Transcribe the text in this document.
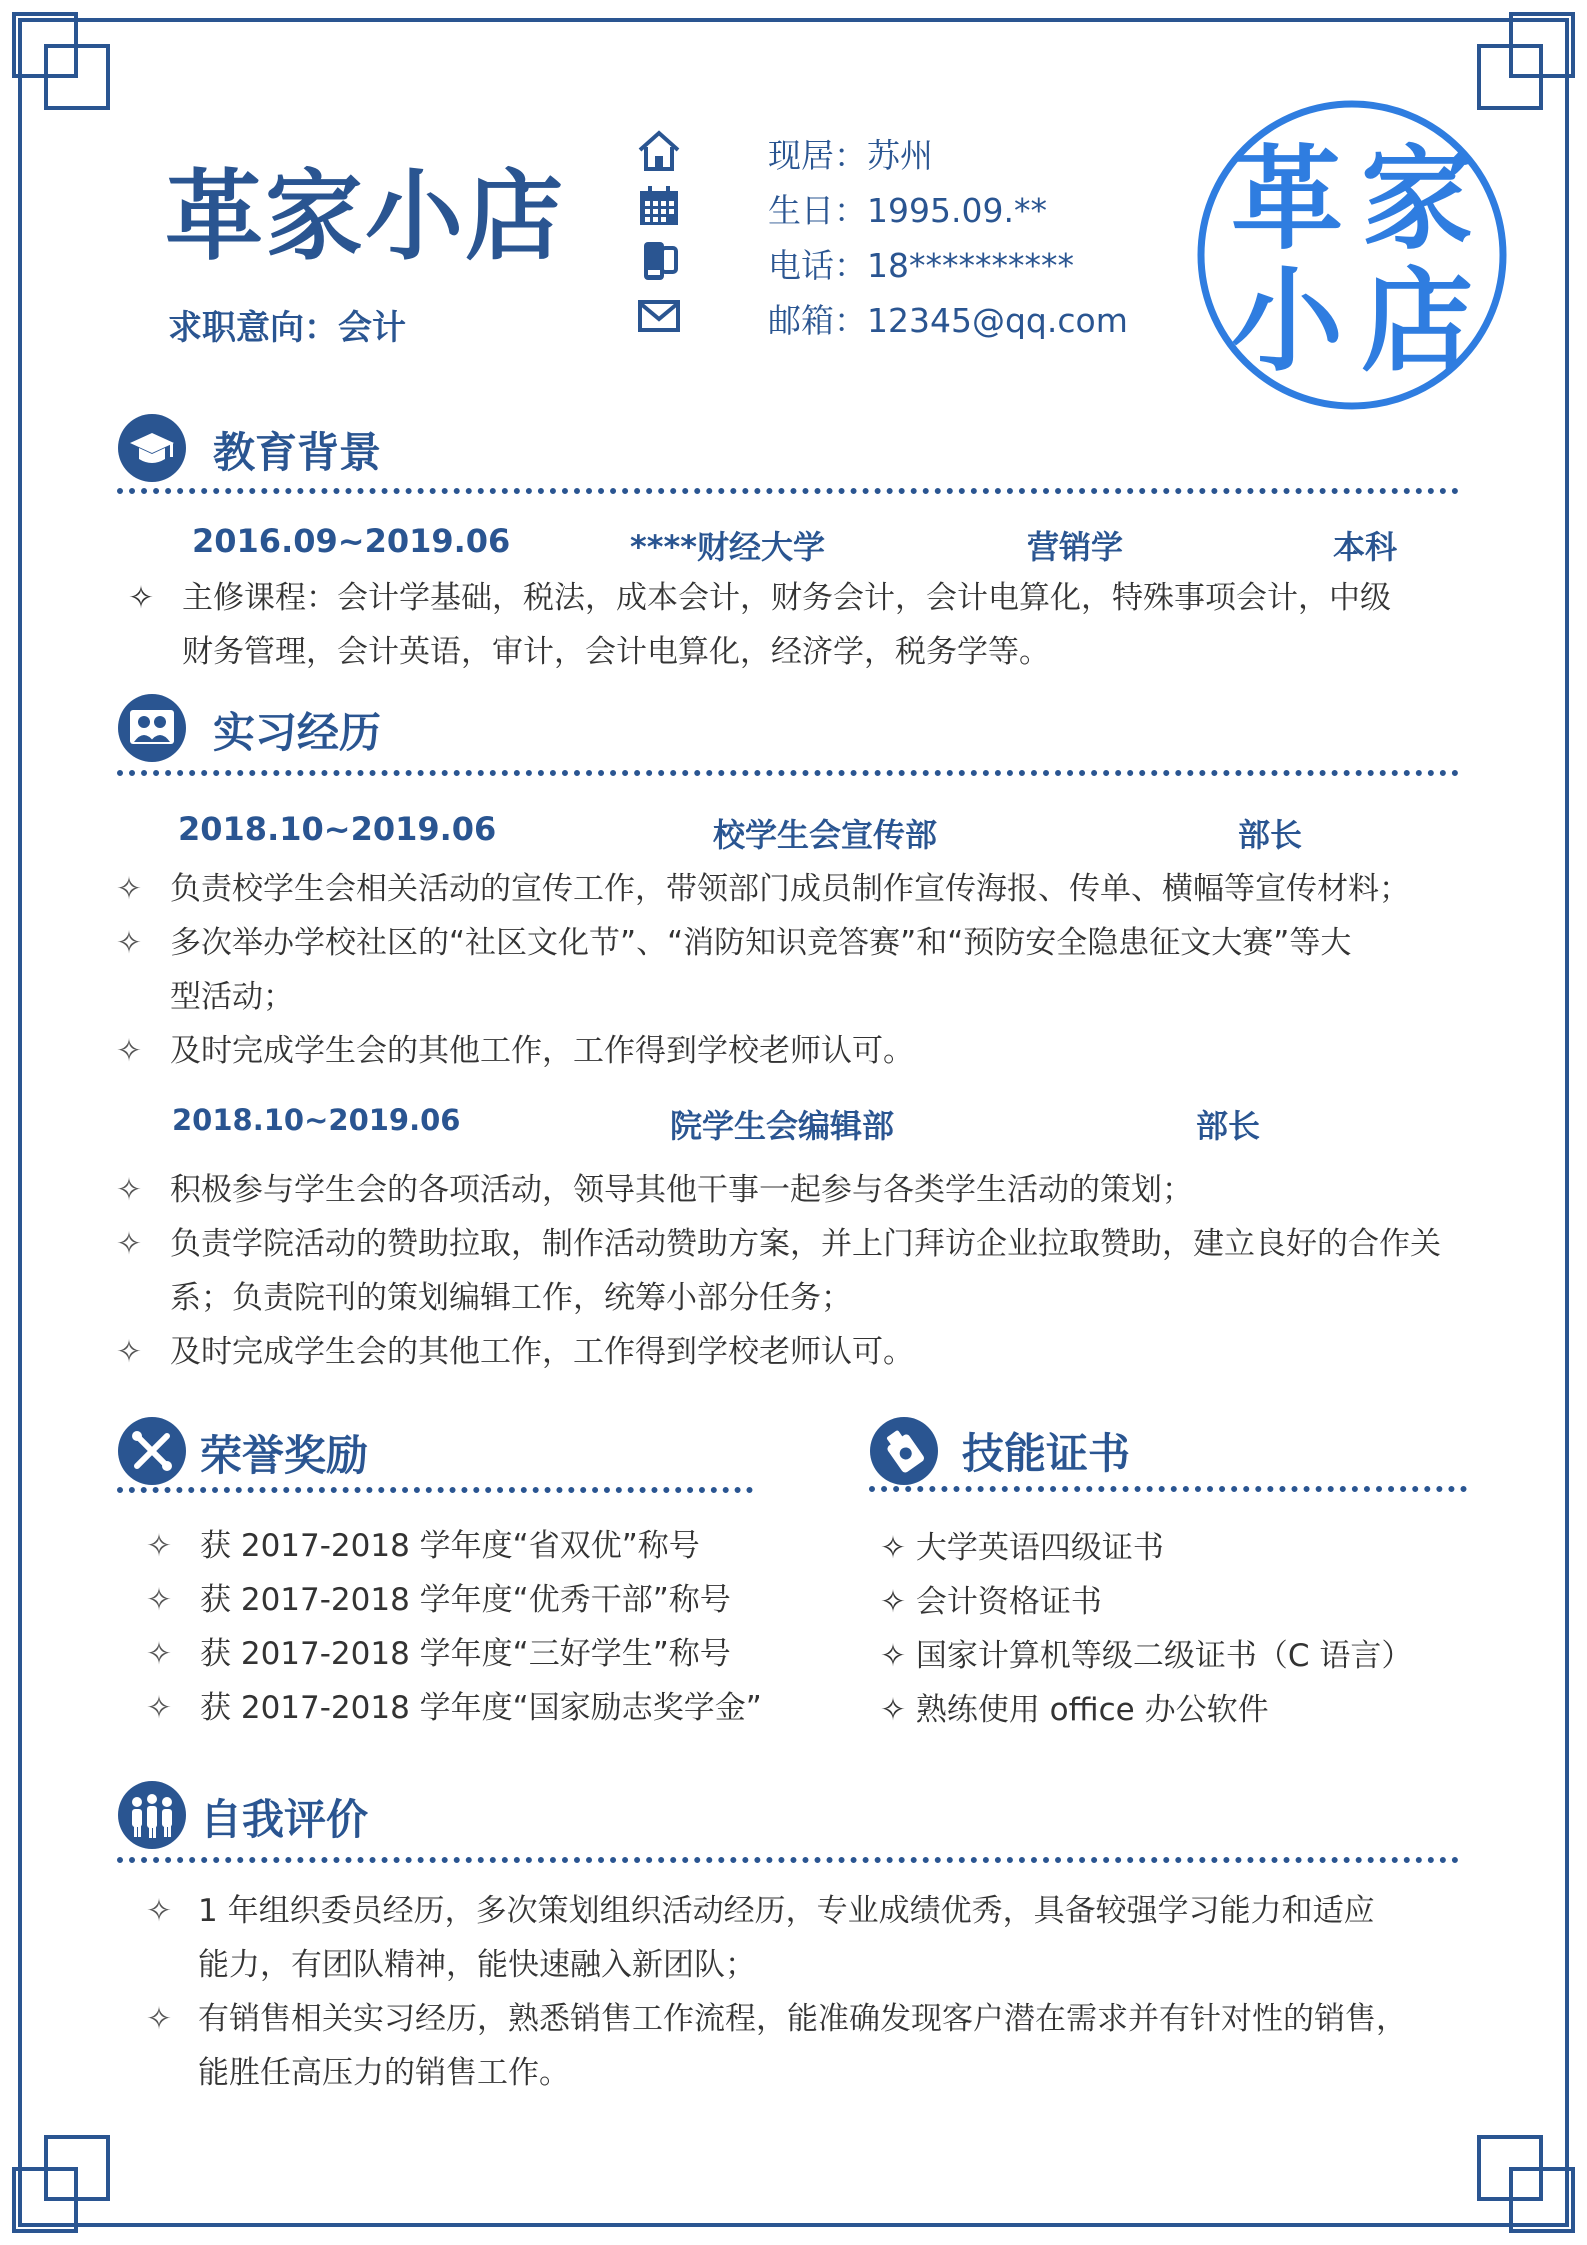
革家小店
求职意向：会计
现居：苏州
生日：1995.09.**
电话：18**********
邮箱：12345@qq.com
革 家
小 店
教育背景
2016.09~2019.06	****财经大学	营销学	本科
✧ 主修课程：会计学基础，税法，成本会计，财务会计，会计电算化，特殊事项会计，中级
财务管理，会计英语，审计，会计电算化，经济学，税务学等。
实习经历
2018.10~2019.06	校学生会宣传部	部长
✧ 负责校学生会相关活动的宣传工作，带领部门成员制作宣传海报、传单、横幅等宣传材料；
✧ 多次举办学校社区的“社区文化节”、“消防知识竞答赛”和“预防安全隐患征文大赛”等大
型活动；
✧ 及时完成学生会的其他工作，工作得到学校老师认可。
2018.10~2019.06	院学生会编辑部	部长
✧ 积极参与学生会的各项活动，领导其他干事一起参与各类学生活动的策划；
✧ 负责学院活动的赞助拉取，制作活动赞助方案，并上门拜访企业拉取赞助，建立良好的合作关
系；负责院刊的策划编辑工作，统筹小部分任务；
✧ 及时完成学生会的其他工作，工作得到学校老师认可。
荣誉奖励
✧ 获 2017-2018 学年度“省双优”称号
✧ 获 2017-2018 学年度“优秀干部”称号
✧ 获 2017-2018 学年度“三好学生”称号
✧ 获 2017-2018 学年度“国家励志奖学金”
技能证书
✧ 大学英语四级证书
✧ 会计资格证书
✧ 国家计算机等级二级证书（C 语言）
✧ 熟练使用 office 办公软件
自我评价
✧ 1 年组织委员经历，多次策划组织活动经历，专业成绩优秀，具备较强学习能力和适应
能力，有团队精神，能快速融入新团队；
✧ 有销售相关实习经历，熟悉销售工作流程，能准确发现客户潜在需求并有针对性的销售，
能胜任高压力的销售工作。
